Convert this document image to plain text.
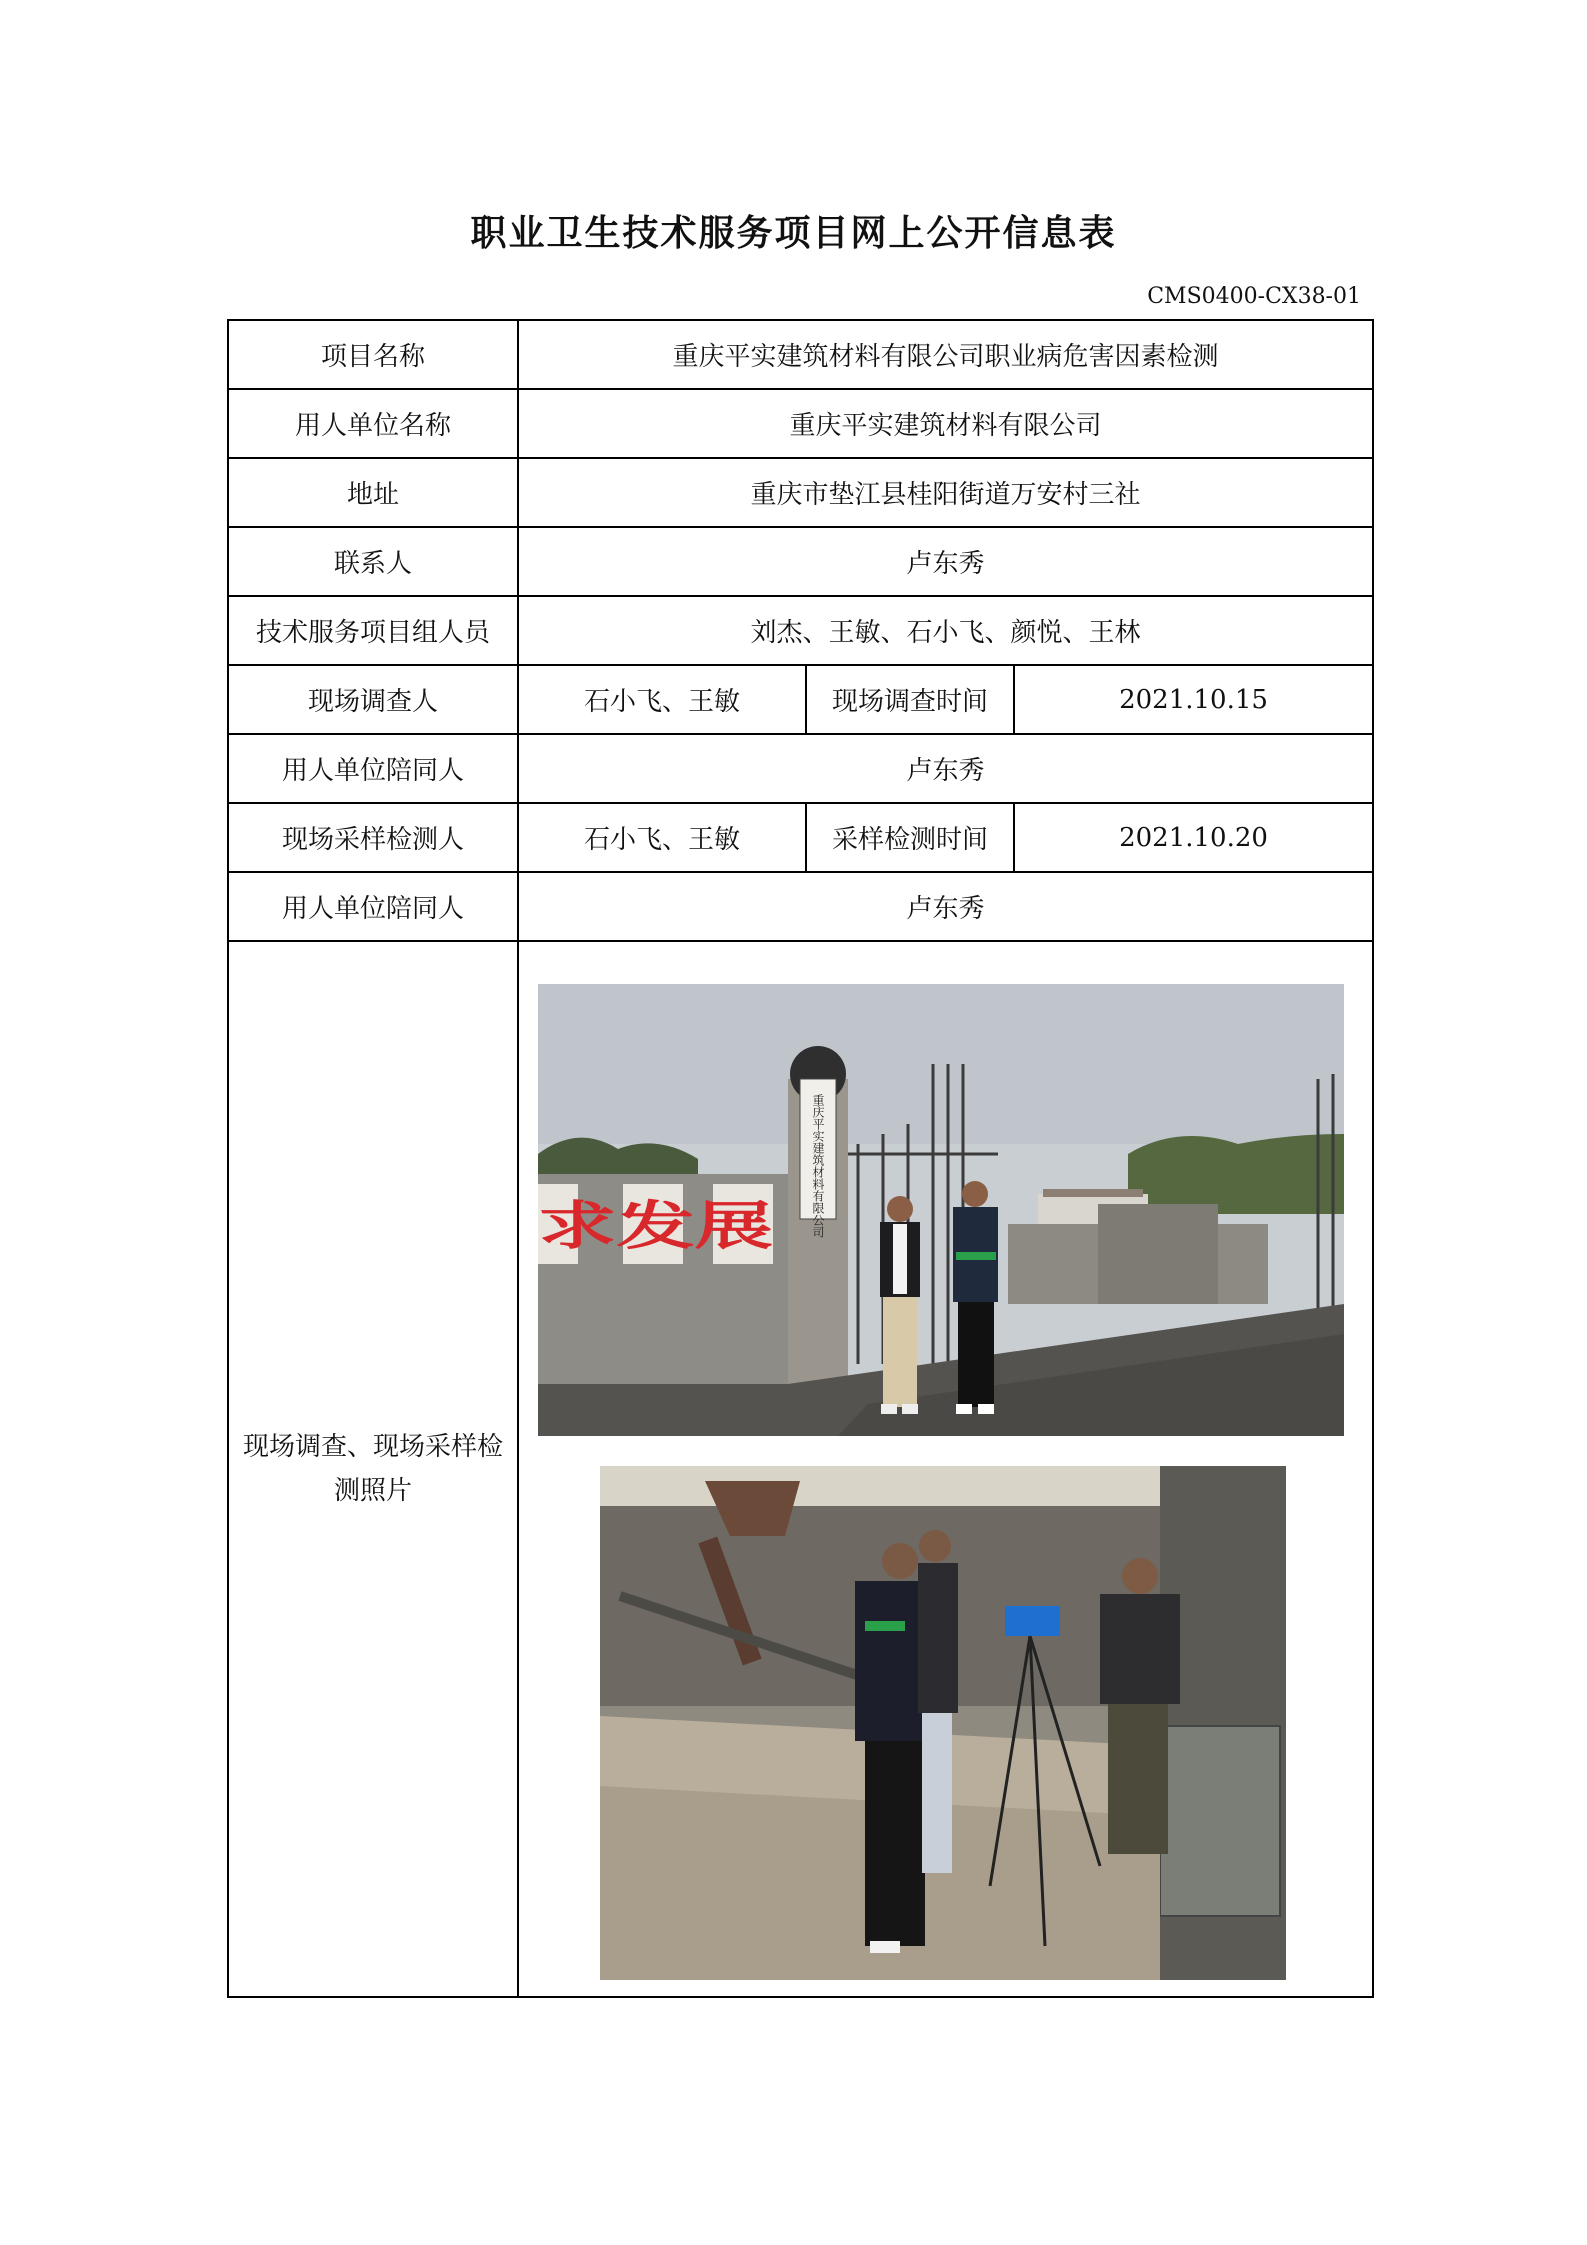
职业卫生技术服务项目网上公开信息表
CMS0400-CX38-01
项目名称	重庆平实建筑材料有限公司职业病危害因素检测		
用人单位名称	重庆平实建筑材料有限公司		
地址	重庆市垫江县桂阳街道万安村三社		
联系人	卢东秀		
技术服务项目组人员	刘杰、王敏、石小飞、颜悦、王林		
现场调查人	石小飞、王敏	现场调查时间	2021.10.15
用人单位陪同人	卢东秀		
现场采样检测人	石小飞、王敏	采样检测时间	2021.10.20
用人单位陪同人	卢东秀		
现场调查、现场采样检测照片			
求发展	重庆平实建筑材料有限公司
